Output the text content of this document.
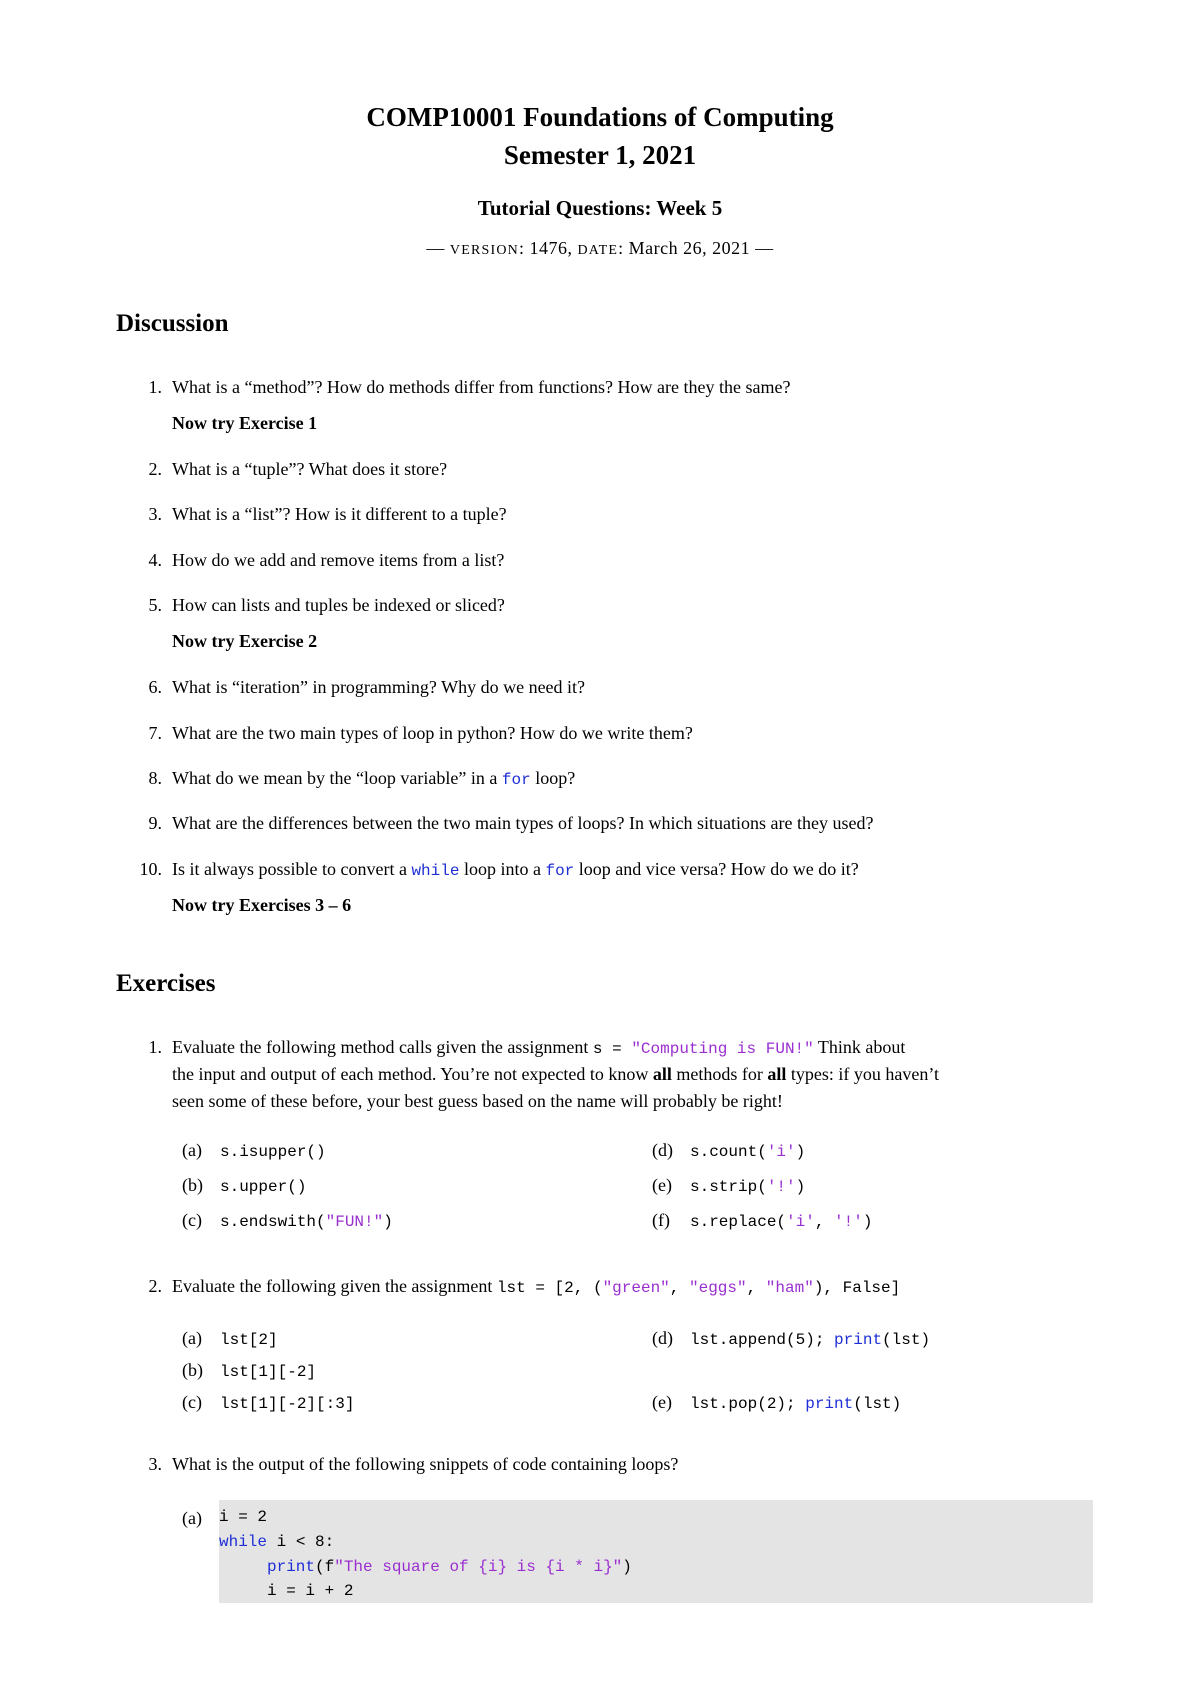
COMP10001 Foundations of Computing
Semester 1, 2021
Tutorial Questions: Week 5
— VERSION: 1476, DATE: March 26, 2021 —
Discussion
1. What is a “method”? How do methods differ from functions? How are they the same?
Now try Exercise 1
2. What is a “tuple”? What does it store?
3. What is a “list”? How is it different to a tuple?
4. How do we add and remove items from a list?
5. How can lists and tuples be indexed or sliced?
Now try Exercise 2
6. What is “iteration” in programming? Why do we need it?
7. What are the two main types of loop in python? How do we write them?
8. What do we mean by the “loop variable” in a for loop?
9. What are the differences between the two main types of loops? In which situations are they used?
10. Is it always possible to convert a while loop into a for loop and vice versa? How do we do it?
Now try Exercises 3 – 6
Exercises
1. Evaluate the following method calls given the assignment s = "Computing is FUN!" Think about
the input and output of each method. You’re not expected to know all methods for all types: if you haven’t
seen some of these before, your best guess based on the name will probably be right!
(a) s.isupper()
(b) s.upper()
(c) s.endswith("FUN!")
(d) s.count('i')
(e) s.strip('!')
(f) s.replace('i', '!')
2. Evaluate the following given the assignment lst = [2, ("green", "eggs", "ham"), False]
(a) lst[2]
(b) lst[1][-2]
(c) lst[1][-2][:3]
(d) lst.append(5); print(lst)
(e) lst.pop(2); print(lst)
3. What is the output of the following snippets of code containing loops?
(a)	i = 2
while i < 8:
print(f"The square of {i} is {i * i}")
i = i + 2
